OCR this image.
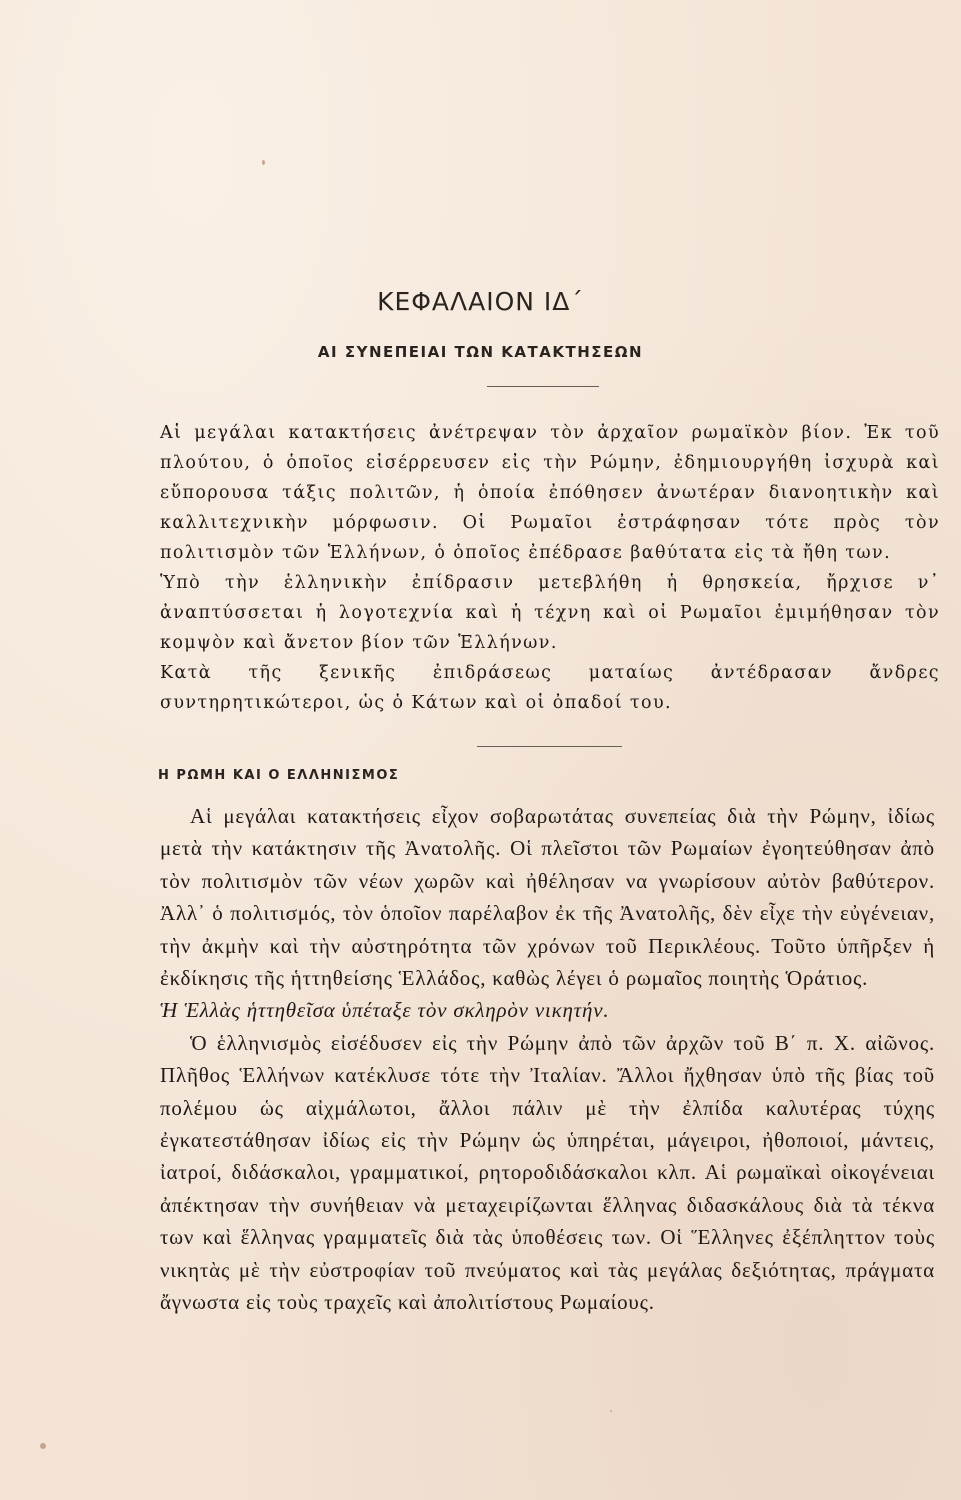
ΚΕΦΑΛΑΙΟΝ ΙΔ΄
ΑΙ ΣΥΝΕΠΕΙΑΙ ΤΩΝ ΚΑΤΑΚΤΗΣΕΩΝ

Αἱ μεγάλαι κατακτήσεις ἀνέτρεψαν τὸν ἀρχαῖον ρωμαϊκὸν βίον. Ἐκ τοῦ πλούτου, ὁ ὁποῖος εἰσέρρευσεν εἰς τὴν Ρώμην, ἐδημιουργήθη ἰσχυρὰ καὶ εὔπορουσα τάξις πολιτῶν, ἡ ὁποία ἐπόθησεν ἀνωτέραν διανοητικὴν καὶ καλλιτεχνικὴν μόρφωσιν. Οἱ Ρωμαῖοι ἐστράφησαν τότε πρὸς τὸν πολιτισμὸν τῶν Ἑλλήνων, ὁ ὁποῖος ἐπέδρασε βαθύτατα εἰς τὰ ἤθη των.

Ὑπὸ τὴν ἑλληνικὴν ἐπίδρασιν μετεβλήθη ἡ θρησκεία, ἤρχισε ν᾽ ἀναπτύσσεται ἡ λογοτεχνία καὶ ἡ τέχνη καὶ οἱ Ρωμαῖοι ἐμιμήθησαν τὸν κομψὸν καὶ ἄνετον βίον τῶν Ἑλλήνων.

Κατὰ τῆς ξενικῆς ἐπιδράσεως ματαίως ἀντέδρασαν ἄνδρες συντηρητικώτεροι, ὡς ὁ Κάτων καὶ οἱ ὀπαδοί του.

Η ΡΩΜΗ ΚΑΙ Ο ΕΛΛΗΝΙΣΜΟΣ

Αἱ μεγάλαι κατακτήσεις εἶχον σοβαρωτάτας συνεπείας διὰ τὴν Ρώμην, ἰδίως μετὰ τὴν κατάκτησιν τῆς Ἀνατολῆς. Οἱ πλεῖστοι τῶν Ρωμαίων ἐγοητεύθησαν ἀπὸ τὸν πολιτισμὸν τῶν νέων χωρῶν καὶ ἠθέλησαν να γνωρίσουν αὐτὸν βαθύτερον. Ἀλλ᾽ ὁ πολιτισμός, τὸν ὁποῖον παρέλαβον ἐκ τῆς Ἀνατολῆς, δὲν εἶχε τὴν εὐγένειαν, τὴν ἀκμὴν καὶ τὴν αὐστηρότητα τῶν χρόνων τοῦ Περικλέους. Τοῦτο ὑπῆρξεν ἡ ἐκδίκησις τῆς ἡττηθείσης Ἑλλάδος, καθὼς λέγει ὁ ρωμαῖος ποιητὴς Ὁράτιος.

Ἡ Ἑλλὰς ἡττηθεῖσα ὑπέταξε τὸν σκληρὸν νικητήν.

Ὁ ἑλληνισμὸς εἰσέδυσεν εἰς τὴν Ρώμην ἀπὸ τῶν ἀρχῶν τοῦ Β΄ π. Χ. αἰῶνος. Πλῆθος Ἑλλήνων κατέκλυσε τότε τὴν Ἰταλίαν. Ἄλλοι ἤχθησαν ὑπὸ τῆς βίας τοῦ πολέμου ὡς αἰχμάλωτοι, ἄλλοι πάλιν μὲ τὴν ἐλπίδα καλυτέρας τύχης ἐγκατεστάθησαν ἰδίως εἰς τὴν Ρώμην ὡς ὑπηρέται, μάγειροι, ἠθοποιοί, μάντεις, ἰατροί, διδάσκαλοι, γραμματικοί, ρητοροδιδάσκαλοι κλπ. Αἱ ρωμαϊκαὶ οἰκογένειαι ἀπέκτησαν τὴν συνήθειαν νὰ μεταχειρίζωνται ἕλληνας διδασκάλους διὰ τὰ τέκνα των καὶ ἕλληνας γραμματεῖς διὰ τὰς ὑποθέσεις των. Οἱ Ἕλληνες ἐξέπληττον τοὺς νικητὰς μὲ τὴν εὐστροφίαν τοῦ πνεύματος καὶ τὰς μεγάλας δεξιότητας, πράγματα ἄγνωστα εἰς τοὺς τραχεῖς καὶ ἀπολιτίστους Ρωμαίους.
